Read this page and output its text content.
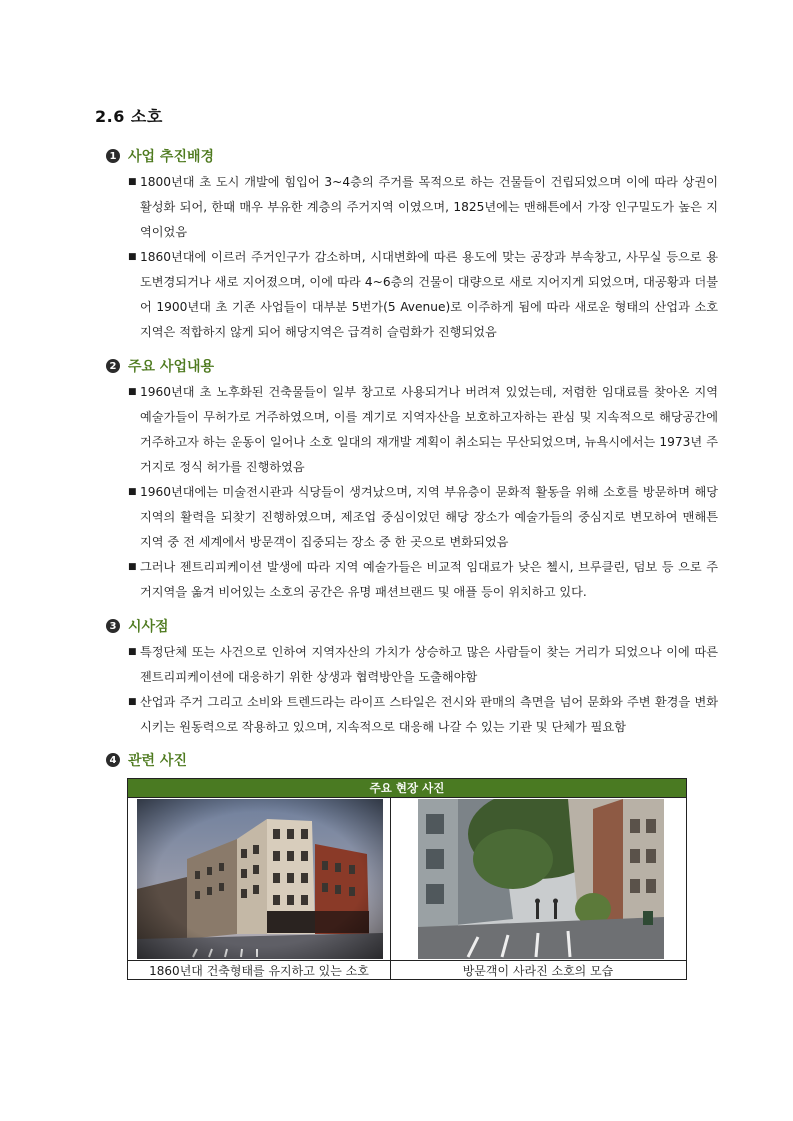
2.6 소호
1 사업 추진배경
■ 1800년대 초 도시 개발에 힘입어 3~4층의 주거를 목적으로 하는 건물들이 건립되었으며 이에 따라 상권이 활성화 되어, 한때 매우 부유한 계층의 주거지역 이였으며, 1825년에는 맨해튼에서 가장 인구밀도가 높은 지역이었음
■ 1860년대에 이르러 주거인구가 감소하며, 시대변화에 따른 용도에 맞는 공장과 부속창고, 사무실 등으로 용도변경되거나 새로 지어졌으며, 이에 따라 4~6층의 건물이 대량으로 새로 지어지게 되었으며, 대공황과 더불어 1900년대 초 기존 사업들이 대부분 5번가(5 Avenue)로 이주하게 됨에 따라 새로운 형태의 산업과 소호 지역은 적합하지 않게 되어 해당지역은 급격히 슬럼화가 진행되었음
2 주요 사업내용
■ 1960년대 초 노후화된 건축물들이 일부 창고로 사용되거나 버려져 있었는데, 저렴한 임대료를 찾아온 지역 예술가들이 무허가로 거주하였으며, 이를 계기로 지역자산을 보호하고자하는 관심 및 지속적으로 해당공간에 거주하고자 하는 운동이 일어나 소호 일대의 재개발 계획이 취소되는 무산되었으며, 뉴욕시에서는 1973년 주거지로 정식 허가를 진행하였음
■ 1960년대에는 미술전시관과 식당들이 생겨났으며, 지역 부유층이 문화적 활동을 위해 소호를 방문하며 해당지역의 활력을 되찾기 진행하였으며, 제조업 중심이었던 해당 장소가 예술가들의 중심지로 변모하여 맨해튼 지역 중 전 세계에서 방문객이 집중되는 장소 중 한 곳으로 변화되었음
■ 그러나 젠트리피케이션 발생에 따라 지역 예술가들은 비교적 임대료가 낮은 첼시, 브루클린, 덤보 등 으로 주거지역을 옮겨 비어있는 소호의 공간은 유명 패션브랜드 및 애플 등이 위치하고 있다.
3 시사점
■ 특정단체 또는 사건으로 인하여 지역자산의 가치가 상승하고 많은 사람들이 찾는 거리가 되었으나 이에 따른 젠트리피케이션에 대응하기 위한 상생과 협력방안을 도출해야함
■ 산업과 주거 그리고 소비와 트렌드라는 라이프 스타일은 전시와 판매의 측면을 넘어 문화와 주변 환경을 변화시키는 원동력으로 작용하고 있으며, 지속적으로 대응해 나갈 수 있는 기관 및 단체가 필요함
4 관련 사진
주요 현장 사진
1860년대 건축형태를 유지하고 있는 소호	방문객이 사라진 소호의 모습
